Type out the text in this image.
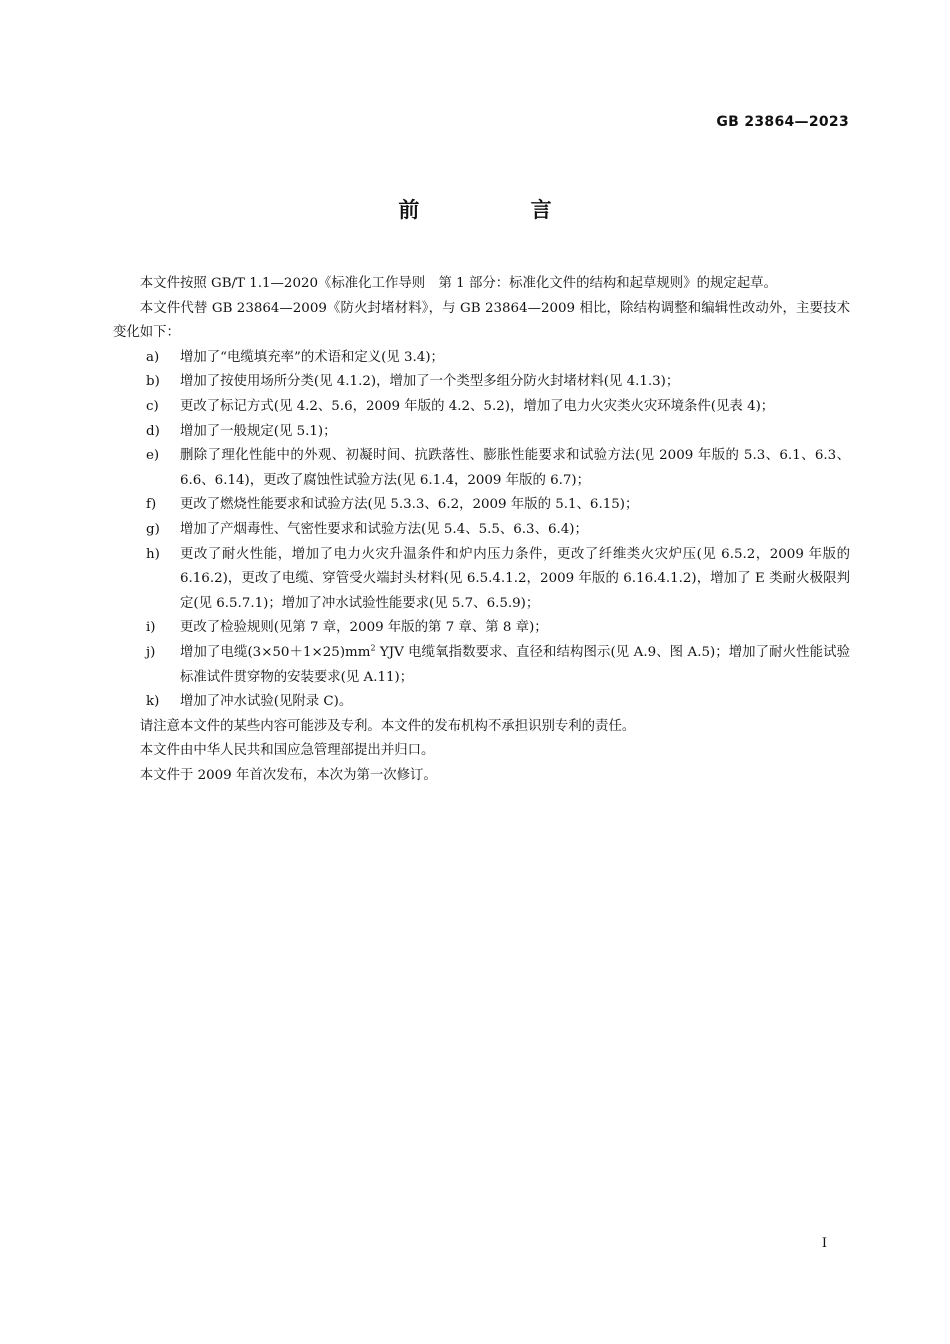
GB 23864—2023
前 言

本文件按照 GB/T 1.1—2020《标准化工作导则　第 1 部分：标准化文件的结构和起草规则》的规定起草。

本文件代替 GB 23864—2009《防火封堵材料》，与 GB 23864—2009 相比，除结构调整和编辑性改动外，主要技术变化如下：

a) 增加了“电缆填充率”的术语和定义(见 3.4)；
b) 增加了按使用场所分类(见 4.1.2)，增加了一个类型多组分防火封堵材料(见 4.1.3)；
c) 更改了标记方式(见 4.2、5.6，2009 年版的 4.2、5.2)，增加了电力火灾类火灾环境条件(见表 4)；
d) 增加了一般规定(见 5.1)；
e) 删除了理化性能中的外观、初凝时间、抗跌落性、膨胀性能要求和试验方法(见 2009 年版的 5.3、6.1、6.3、6.6、6.14)，更改了腐蚀性试验方法(见 6.1.4，2009 年版的 6.7)；
f) 更改了燃烧性能要求和试验方法(见 5.3.3、6.2，2009 年版的 5.1、6.15)；
g) 增加了产烟毒性、气密性要求和试验方法(见 5.4、5.5、6.3、6.4)；
h) 更改了耐火性能，增加了电力火灾升温条件和炉内压力条件，更改了纤维类火灾炉压(见 6.5.2，2009 年版的 6.16.2)，更改了电缆、穿管受火端封头材料(见 6.5.4.1.2，2009 年版的 6.16.4.1.2)，增加了 E 类耐火极限判定(见 6.5.7.1)；增加了冲水试验性能要求(见 5.7、6.5.9)；
i) 更改了检验规则(见第 7 章，2009 年版的第 7 章、第 8 章)；
j) 增加了电缆$(3\times 50+1\times 25)mm^2$ YJV 电缆氧指数要求、直径和结构图示(见 A.9、图 A.5)；增加了耐火性能试验标准试件贯穿物的安装要求(见 A.11)；
k) 增加了冲水试验(见附录 C)。

请注意本文件的某些内容可能涉及专利。本文件的发布机构不承担识别专利的责任。

本文件由中华人民共和国应急管理部提出并归口。

本文件于 2009 年首次发布，本次为第一次修订。

I
